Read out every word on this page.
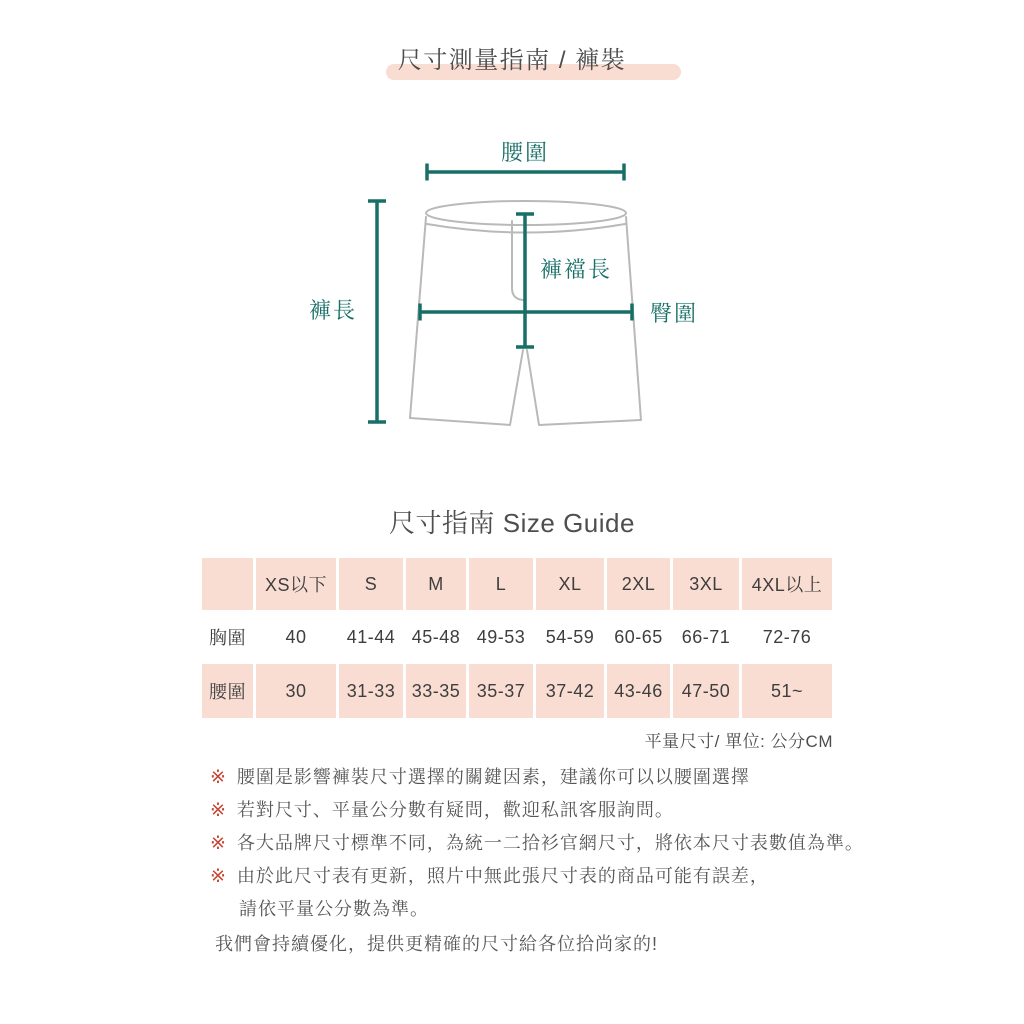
尺寸測量指南 / 褲裝
腰圍
褲長
褲襠長
臀圍
尺寸指南 Size Guide
	XS以下	S	M	L	XL	2XL	3XL	4XL以上
胸圍	40	41-44	45-48	49-53	54-59	60-65	66-71	72-76
腰圍	30	31-33	33-35	35-37	37-42	43-46	47-50	51~
平量尺寸/ 單位: 公分CM
※ 腰圍是影響褲裝尺寸選擇的關鍵因素，建議你可以以腰圍選擇
※ 若對尺寸、平量公分數有疑問，歡迎私訊客服詢問。
※ 各大品牌尺寸標準不同，為統一二拾衫官網尺寸，將依本尺寸表數值為準。
※ 由於此尺寸表有更新，照片中無此張尺寸表的商品可能有誤差，
請依平量公分數為準。
我們會持續優化，提供更精確的尺寸給各位拾尚家的!
